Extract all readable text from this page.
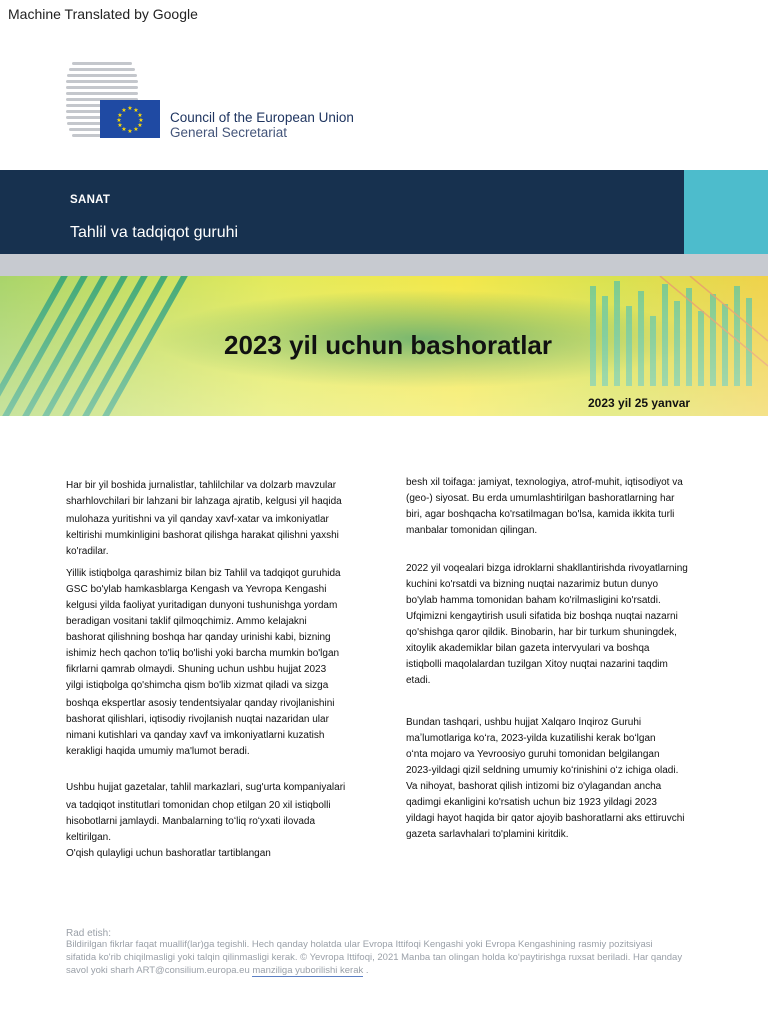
Machine Translated by Google
★ ★
★
★
★
★
★
★
★
★
★
★	Council of the European Union
General Secretariat
SANAT
Tahlil va tadqiqot guruhi
2023 yil uchun bashoratlar
2023 yil 25 yanvar

Har bir yil boshida jurnalistlar, tahlilchilar va dolzarb mavzular

sharhlovchilari bir lahzani bir lahzaga ajratib, kelgusi yil haqida

mulohaza yuritishni va yil qanday xavf-xatar va imkoniyatlar

keltirishi mumkinligini bashorat qilishga harakat qilishni yaxshi

ko'radilar.

Yillik istiqbolga qarashimiz bilan biz Tahlil va tadqiqot guruhida

GSC bo'ylab hamkasblarga Kengash va Yevropa Kengashi

kelgusi yilda faoliyat yuritadigan dunyoni tushunishga yordam

beradigan vositani taklif qilmoqchimiz. Ammo kelajakni

bashorat qilishning boshqa har qanday urinishi kabi, bizning

ishimiz hech qachon to'liq bo'lishi yoki barcha mumkin bo'lgan

fikrlarni qamrab olmaydi. Shuning uchun ushbu hujjat 2023

yilgi istiqbolga qo'shimcha qism bo'lib xizmat qiladi va sizga

boshqa ekspertlar asosiy tendentsiyalar qanday rivojlanishini

bashorat qilishlari, iqtisodiy rivojlanish nuqtai nazaridan ular

nimani kutishlari va qanday xavf va imkoniyatlarni kuzatish

kerakligi haqida umumiy ma'lumot beradi.

Ushbu hujjat gazetalar, tahlil markazlari, sug'urta kompaniyalari

va tadqiqot institutlari tomonidan chop etilgan 20 xil istiqbolli

hisobotlarni jamlaydi. Manbalarning toʻliq roʻyxati ilovada

keltirilgan.

O'qish qulayligi uchun bashoratlar tartiblangan

besh xil toifaga: jamiyat, texnologiya, atrof-muhit, iqtisodiyot va

(geo-) siyosat. Bu erda umumlashtirilgan bashoratlarning har

biri, agar boshqacha ko'rsatilmagan bo'lsa, kamida ikkita turli

manbalar tomonidan qilingan.

2022 yil voqealari bizga idroklarni shakllantirishda rivoyatlarning

kuchini ko'rsatdi va bizning nuqtai nazarimiz butun dunyo

bo'ylab hamma tomonidan baham ko'rilmasligini ko'rsatdi.

Ufqimizni kengaytirish usuli sifatida biz boshqa nuqtai nazarni

qo'shishga qaror qildik. Binobarin, har bir turkum shuningdek,

xitoylik akademiklar bilan gazeta intervyulari va boshqa

istiqbolli maqolalardan tuzilgan Xitoy nuqtai nazarini taqdim

etadi.

Bundan tashqari, ushbu hujjat Xalqaro Inqiroz Guruhi

maʼlumotlariga koʻra, 2023-yilda kuzatilishi kerak boʻlgan

oʻnta mojaro va Yevroosiyo guruhi tomonidan belgilangan

2023-yildagi qizil seldning umumiy koʻrinishini oʻz ichiga oladi.

Va nihoyat, bashorat qilish intizomi biz o'ylagandan ancha

qadimgi ekanligini ko'rsatish uchun biz 1923 yildagi 2023

yildagi hayot haqida bir qator ajoyib bashoratlarni aks ettiruvchi

gazeta sarlavhalari to'plamini kiritdik.

Rad etish:
Bildirilgan fikrlar faqat muallif(lar)ga tegishli. Hech qanday holatda ular Evropa Ittifoqi Kengashi yoki Evropa Kengashining rasmiy pozitsiyasi
sifatida ko'rib chiqilmasligi yoki talqin qilinmasligi kerak. © Yevropa Ittifoqi, 2021 Manba tan olingan holda koʻpaytirishga ruxsat beriladi. Har qanday
savol yoki sharh ART@consilium.europa.eu manziliga yuborilishi kerak .
